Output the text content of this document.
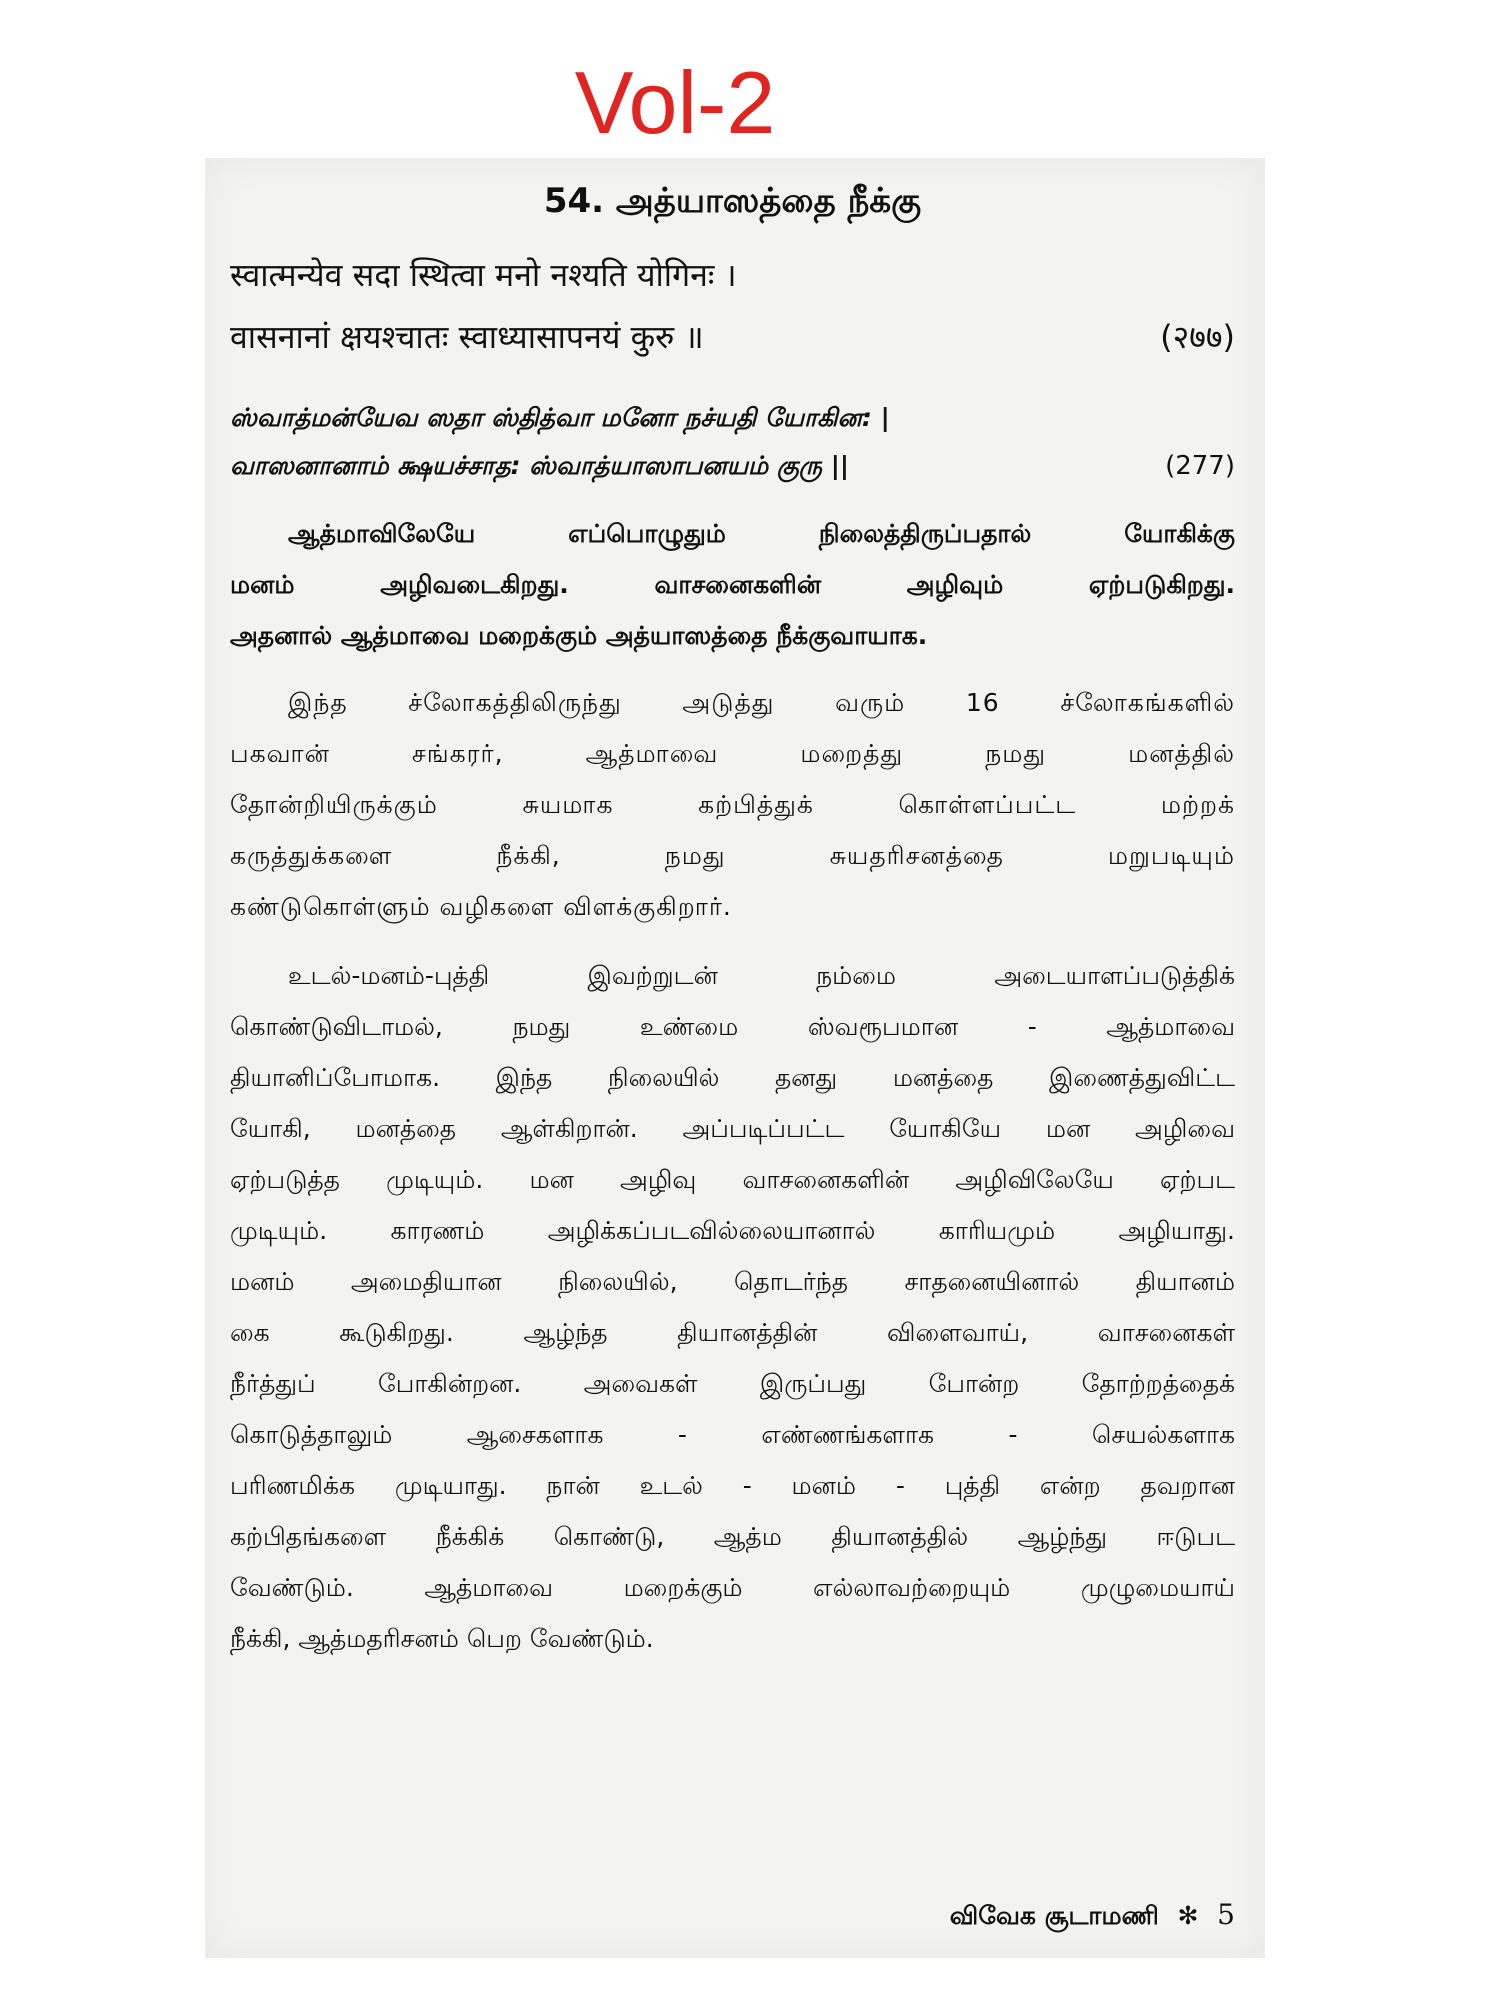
Vol-2
54. அத்யாஸத்தை நீக்கு
स्वात्मन्येव सदा स्थित्वा मनो नश्यति योगिनः ।
वासनानां क्षयश्चातः स्वाध्यासापनयं कुरु ॥	(२७७)
ஸ்வாத்மன்யேவ ஸதா ஸ்தித்வா மனோ நச்யதி யோகின: |
வாஸனானாம் க்ஷயச்சாத: ஸ்வாத்யாஸாபனயம் குரு ||	(277)

ஆத்மாவிலேயே எப்பொழுதும் நிலைத்திருப்பதால் யோகிக்கு
மனம் அழிவடைகிறது. வாசனைகளின் அழிவும் ஏற்படுகிறது.
அதனால் ஆத்மாவை மறைக்கும் அத்யாஸத்தை நீக்குவாயாக.

இந்த ச்லோகத்திலிருந்து அடுத்து வரும் 16 ச்லோகங்களில்
பகவான் சங்கரர், ஆத்மாவை மறைத்து நமது மனத்தில்
தோன்றியிருக்கும் சுயமாக கற்பித்துக் கொள்ளப்பட்ட மற்றக்
கருத்துக்களை நீக்கி, நமது சுயதரிசனத்தை மறுபடியும்
கண்டுகொள்ளும் வழிகளை விளக்குகிறார்.

உடல்-மனம்-புத்தி இவற்றுடன் நம்மை அடையாளப்படுத்திக்
கொண்டுவிடாமல், நமது உண்மை ஸ்வரூபமான - ஆத்மாவை
தியானிப்போமாக. இந்த நிலையில் தனது மனத்தை இணைத்துவிட்ட
யோகி, மனத்தை ஆள்கிறான். அப்படிப்பட்ட யோகியே மன அழிவை
ஏற்படுத்த முடியும். மன அழிவு வாசனைகளின் அழிவிலேயே ஏற்பட
முடியும். காரணம் அழிக்கப்படவில்லையானால் காரியமும் அழியாது.
மனம் அமைதியான நிலையில், தொடர்ந்த சாதனையினால் தியானம்
கை கூடுகிறது. ஆழ்ந்த தியானத்தின் விளைவாய், வாசனைகள்
நீர்த்துப் போகின்றன. அவைகள் இருப்பது போன்ற தோற்றத்தைக்
கொடுத்தாலும் ஆசைகளாக - எண்ணங்களாக - செயல்களாக
பரிணமிக்க முடியாது. நான் உடல் - மனம் - புத்தி என்ற தவறான
கற்பிதங்களை நீக்கிக் கொண்டு, ஆத்ம தியானத்தில் ஆழ்ந்து ஈடுபட
வேண்டும். ஆத்மாவை மறைக்கும் எல்லாவற்றையும் முழுமையாய்
நீக்கி, ஆத்மதரிசனம் பெற வேண்டும்.

விவேக சூடாமணி ✻ 5
